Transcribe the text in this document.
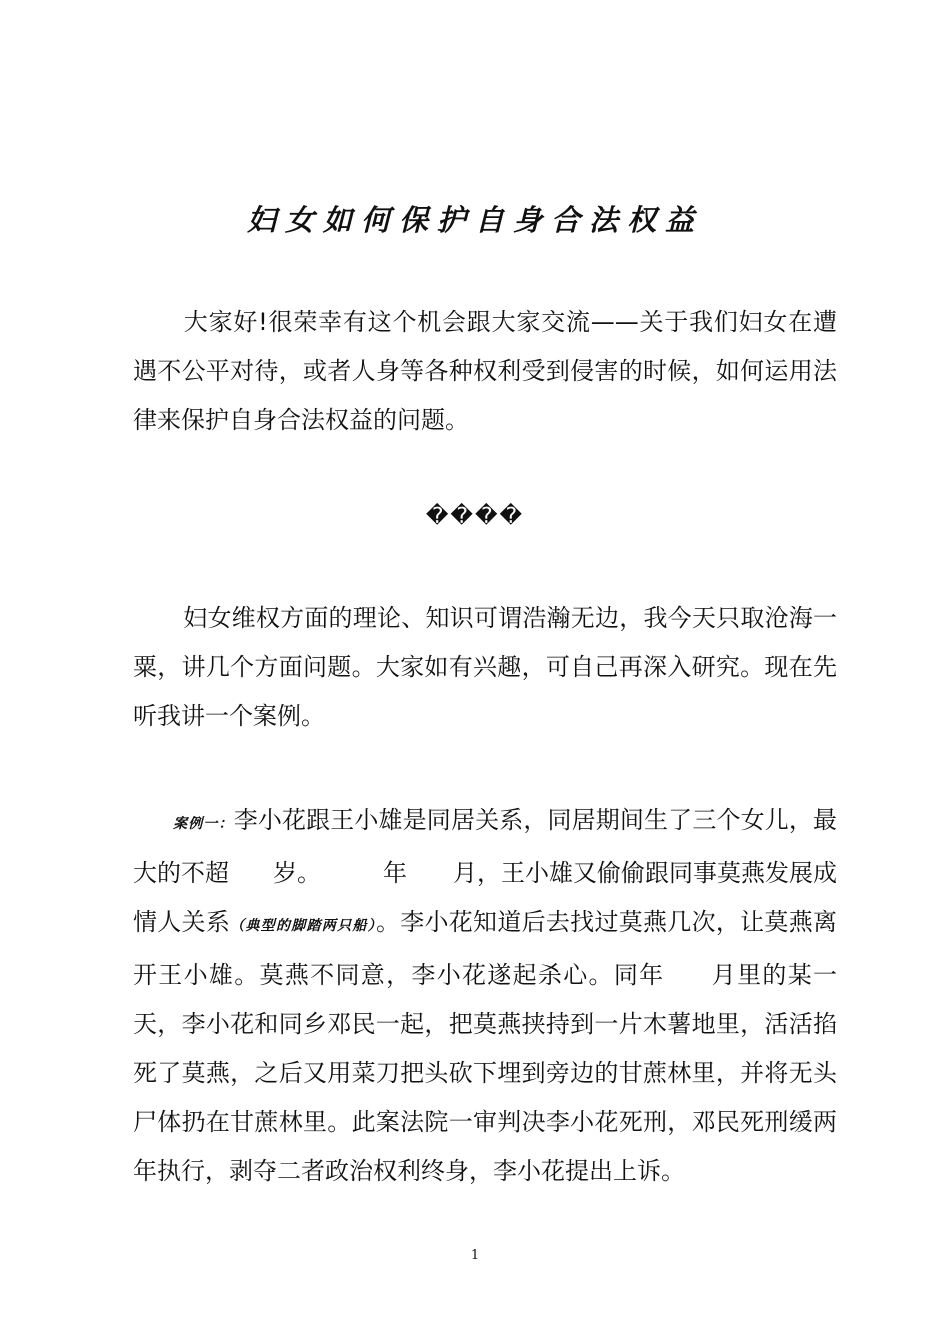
妇女如何保护自身合法权益
大家好!很荣幸有这个机会跟大家交流——关于我们妇女在遭遇不公平对待，或者人身等各种权利受到侵害的时候，如何运用法律来保护自身合法权益的问题。
����
妇女维权方面的理论、知识可谓浩瀚无边，我今天只取沧海一粟，讲几个方面问题。大家如有兴趣，可自己再深入研究。现在先听我讲一个案例。
案例一：李小花跟王小雄是同居关系，同居期间生了三个女儿，最大的不超 岁。	年 月，王小雄又偷偷跟同事莫燕发展成情人关系（典型的脚踏两只船）。李小花知道后去找过莫燕几次，让莫燕离开王小雄。莫燕不同意，李小花遂起杀心。同年 月里的某一天，李小花和同乡邓民一起，把莫燕挟持到一片木薯地里，活活掐死了莫燕，之后又用菜刀把头砍下埋到旁边的甘蔗林里，并将无头尸体扔在甘蔗林里。此案法院一审判决李小花死刑，邓民死刑缓两年执行，剥夺二者政治权利终身，李小花提出上诉。
1
